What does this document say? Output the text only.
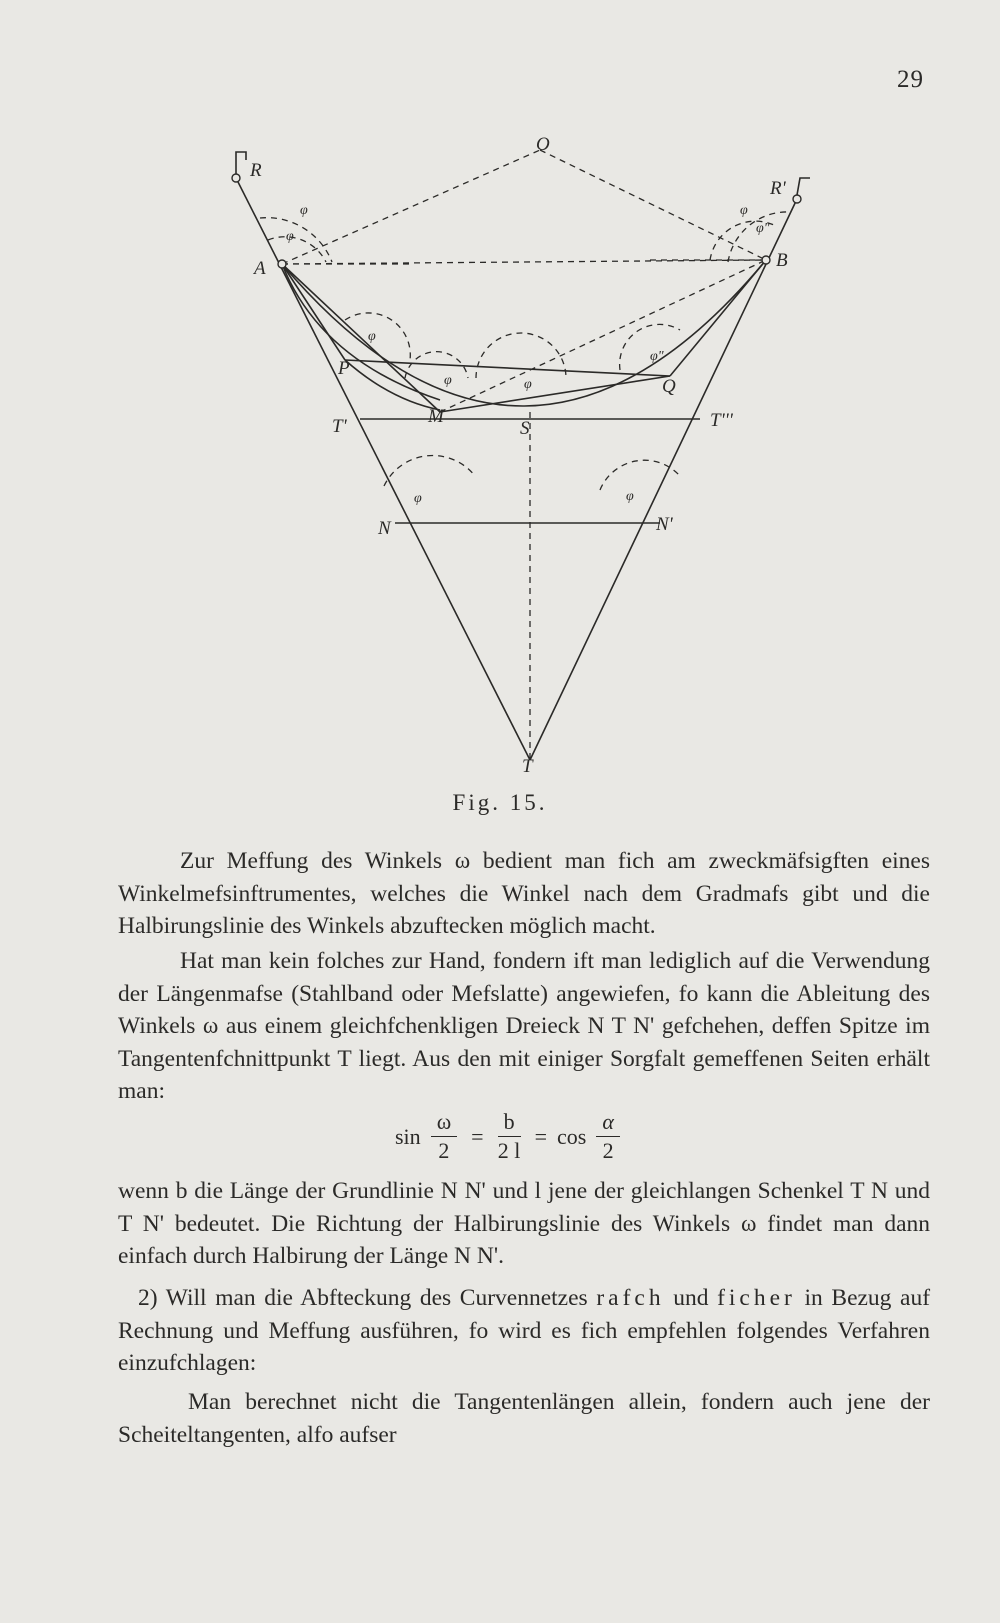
29
R
R'
O
A	B
P
Q
M
S
T'	T'''
N	N'
T
φ
φ
φ
φ"
φ
φ	φ
φ"
φ	φ
Fig. 15.

Zur Meffung des Winkels ω bedient man fich am zweckmäfsigften eines Winkelmefsinftrumentes, welches die Winkel nach dem Gradmafs gibt und die Halbirungslinie des Winkels abzuftecken möglich macht.

Hat man kein folches zur Hand, fondern ift man lediglich auf die Verwendung der Längenmafse (Stahlband oder Mefslatte) angewiefen, fo kann die Ableitung des Winkels ω aus einem gleichfchenkligen Dreieck N T N' gefchehen, deffen Spitze im Tangentenfchnittpunkt T liegt. Aus den mit einiger Sorgfalt gemeffenen Seiten erhält man:

$\sin \frac{\omega}{2} = \frac{b}{2 l} = \cos \frac{\alpha}{2}$

wenn b die Länge der Grundlinie N N' und l jene der gleichlangen Schenkel T N und T N' bedeutet. Die Richtung der Halbirungslinie des Winkels ω findet man dann einfach durch Halbirung der Länge N N'.

2) Will man die Abfteckung des Curvennetzes rafch und ficher in Bezug auf Rechnung und Meffung ausführen, fo wird es fich empfehlen folgendes Verfahren einzufchlagen:

Man berechnet nicht die Tangentenlängen allein, fondern auch jene der Scheiteltangenten, alfo aufser
